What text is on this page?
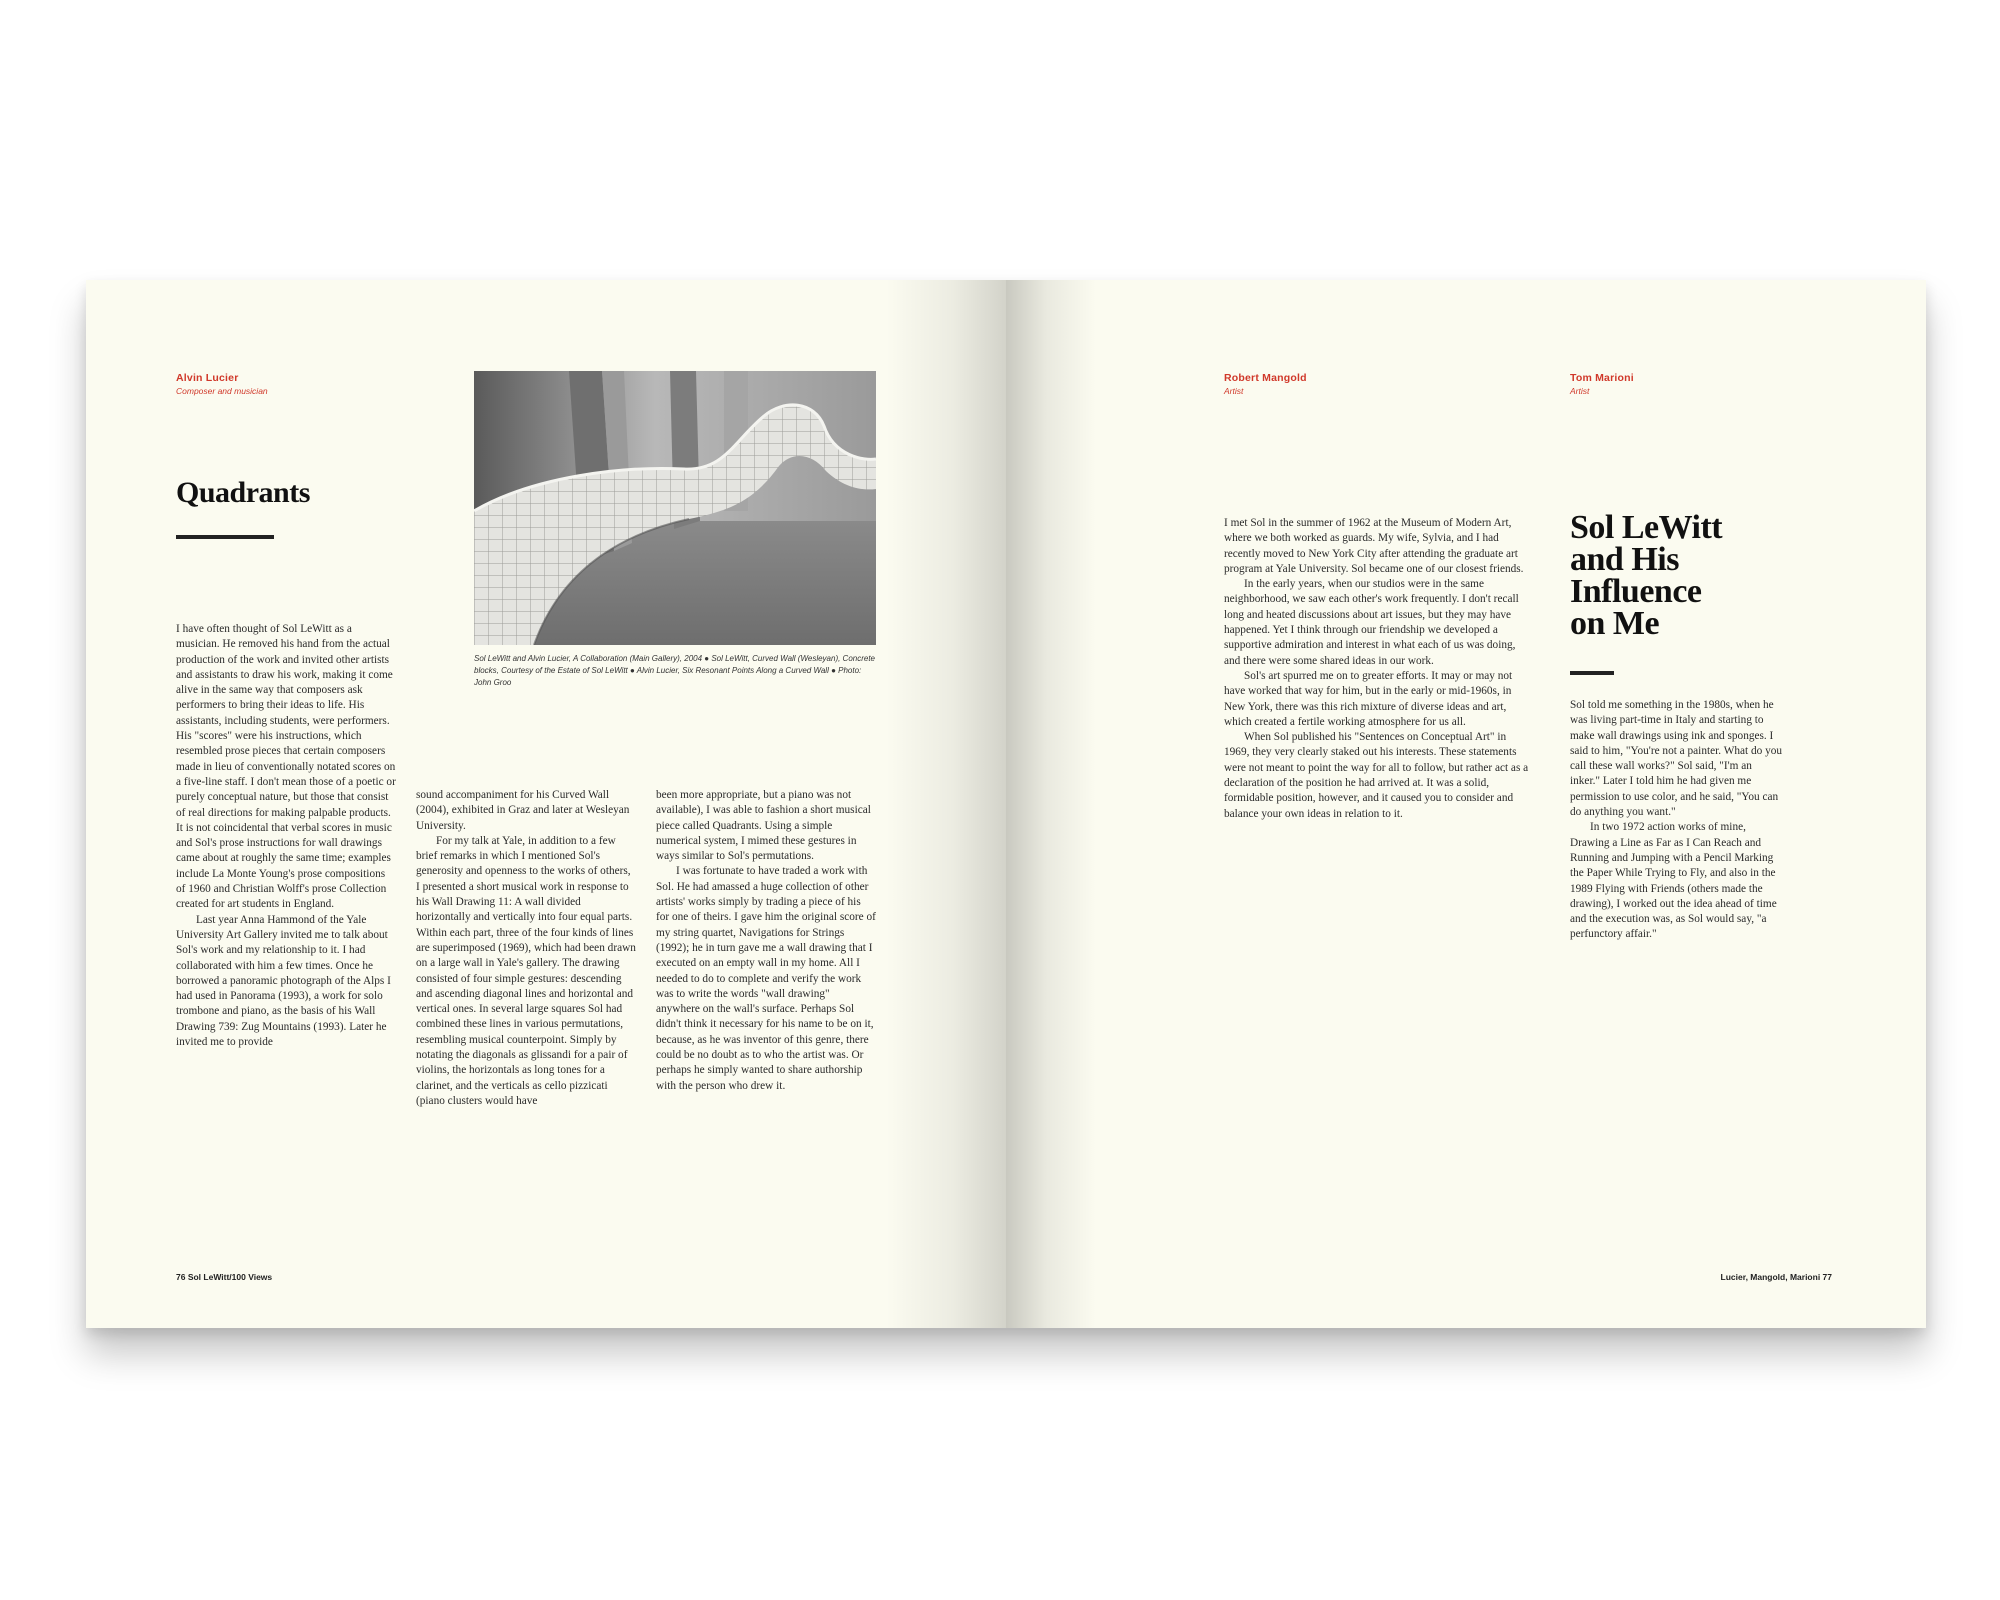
Alvin Lucier
Composer and musician
Quadrants
Sol LeWitt and Alvin Lucier, A Collaboration (Main Gallery), 2004 ● Sol LeWitt, Curved Wall (Wesleyan), Concrete blocks, Courtesy of the Estate of Sol LeWitt ● Alvin Lucier, Six Resonant Points Along a Curved Wall ● Photo: John Groo

I have often thought of Sol LeWitt as a musician. He removed his hand from the actual production of the work and invited other artists and assistants to draw his work, making it come alive in the same way that composers ask performers to bring their ideas to life. His assistants, including students, were performers. His "scores" were his instructions, which resembled prose pieces that certain composers made in lieu of conventionally notated scores on a five-line staff. I don't mean those of a poetic or purely conceptual nature, but those that consist of real directions for making palpable products. It is not coincidental that verbal scores in music and Sol's prose instructions for wall drawings came about at roughly the same time; examples include La Monte Young's prose compositions of 1960 and Christian Wolff's prose Collection created for art students in England.

Last year Anna Hammond of the Yale University Art Gallery invited me to talk about Sol's work and my relationship to it. I had collaborated with him a few times. Once he borrowed a panoramic photograph of the Alps I had used in Panorama (1993), a work for solo trombone and piano, as the basis of his Wall Drawing 739: Zug Mountains (1993). Later he invited me to provide

sound accompaniment for his Curved Wall (2004), exhibited in Graz and later at Wesleyan University.

For my talk at Yale, in addition to a few brief remarks in which I mentioned Sol's generosity and openness to the works of others, I presented a short musical work in response to his Wall Drawing 11: A wall divided horizontally and vertically into four equal parts. Within each part, three of the four kinds of lines are superimposed (1969), which had been drawn on a large wall in Yale's gallery. The drawing consisted of four simple gestures: descending and ascending diagonal lines and horizontal and vertical ones. In several large squares Sol had combined these lines in various permutations, resembling musical counterpoint. Simply by notating the diagonals as glissandi for a pair of violins, the horizontals as long tones for a clarinet, and the verticals as cello pizzicati (piano clusters would have

been more appropriate, but a piano was not available), I was able to fashion a short musical piece called Quadrants. Using a simple numerical system, I mimed these gestures in ways similar to Sol's permutations.

I was fortunate to have traded a work with Sol. He had amassed a huge collection of other artists' works simply by trading a piece of his for one of theirs. I gave him the original score of my string quartet, Navigations for Strings (1992); he in turn gave me a wall drawing that I executed on an empty wall in my home. All I needed to do to complete and verify the work was to write the words "wall drawing" anywhere on the wall's surface. Perhaps Sol didn't think it necessary for his name to be on it, because, as he was inventor of this genre, there could be no doubt as to who the artist was. Or perhaps he simply wanted to share authorship with the person who drew it.

76 Sol LeWitt/100 Views
Robert Mangold
Artist
Tom Marioni
Artist

I met Sol in the summer of 1962 at the Museum of Modern Art, where we both worked as guards. My wife, Sylvia, and I had recently moved to New York City after attending the graduate art program at Yale University. Sol became one of our closest friends.

In the early years, when our studios were in the same neighborhood, we saw each other's work frequently. I don't recall long and heated discussions about art issues, but they may have happened. Yet I think through our friendship we developed a supportive admiration and interest in what each of us was doing, and there were some shared ideas in our work.

Sol's art spurred me on to greater efforts. It may or may not have worked that way for him, but in the early or mid-1960s, in New York, there was this rich mixture of diverse ideas and art, which created a fertile working atmosphere for us all.

When Sol published his "Sentences on Conceptual Art" in 1969, they very clearly staked out his interests. These statements were not meant to point the way for all to follow, but rather act as a declaration of the position he had arrived at. It was a solid, formidable position, however, and it caused you to consider and balance your own ideas in relation to it.

Sol LeWitt
and His
Influence
on Me

Sol told me something in the 1980s, when he was living part-time in Italy and starting to make wall drawings using ink and sponges. I said to him, "You're not a painter. What do you call these wall works?" Sol said, "I'm an inker." Later I told him he had given me permission to use color, and he said, "You can do anything you want."

In two 1972 action works of mine, Drawing a Line as Far as I Can Reach and Running and Jumping with a Pencil Marking the Paper While Trying to Fly, and also in the 1989 Flying with Friends (others made the drawing), I worked out the idea ahead of time and the execution was, as Sol would say, "a perfunctory affair."

Lucier, Mangold, Marioni 77
